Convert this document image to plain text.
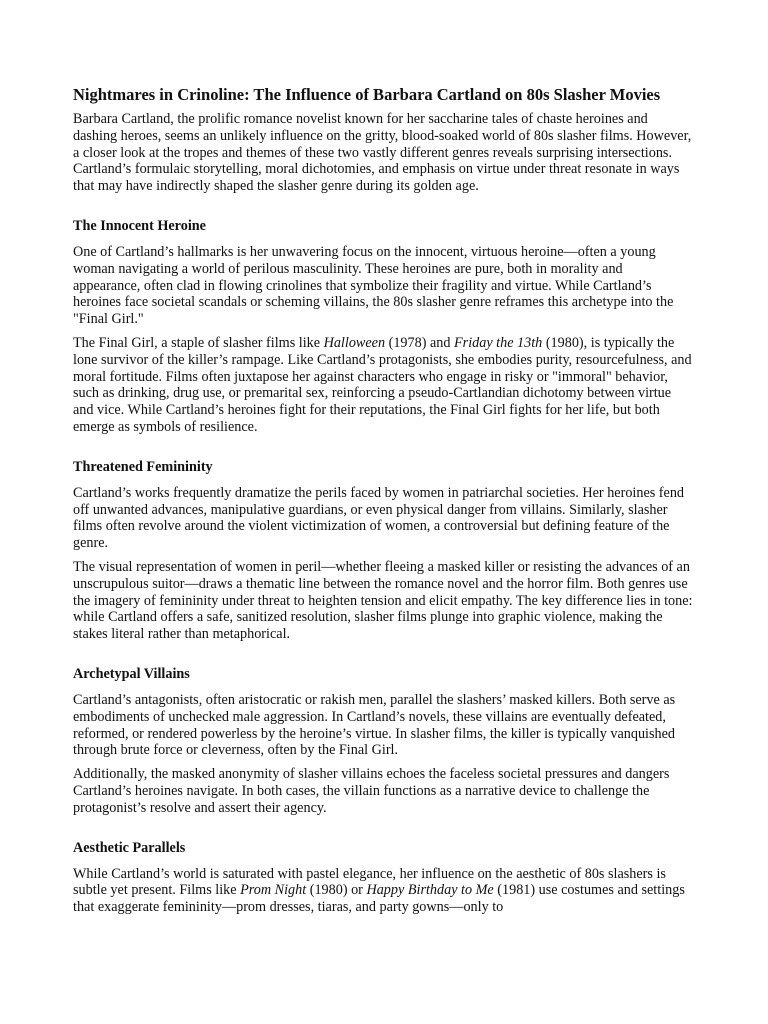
Nightmares in Crinoline: The Influence of Barbara Cartland on 80s Slasher Movies

Barbara Cartland, the prolific romance novelist known for her saccharine tales of chaste heroines and dashing heroes, seems an unlikely influence on the gritty, blood-soaked world of 80s slasher films. However, a closer look at the tropes and themes of these two vastly different genres reveals surprising intersections. Cartland’s formulaic storytelling, moral dichotomies, and emphasis on virtue under threat resonate in ways that may have indirectly shaped the slasher genre during its golden age.

The Innocent Heroine

One of Cartland’s hallmarks is her unwavering focus on the innocent, virtuous heroine—often a young woman navigating a world of perilous masculinity. These heroines are pure, both in morality and appearance, often clad in flowing crinolines that symbolize their fragility and virtue. While Cartland’s heroines face societal scandals or scheming villains, the 80s slasher genre reframes this archetype into the "Final Girl."

The Final Girl, a staple of slasher films like Halloween (1978) and Friday the 13th (1980), is typically the lone survivor of the killer’s rampage. Like Cartland’s protagonists, she embodies purity, resourcefulness, and moral fortitude. Films often juxtapose her against characters who engage in risky or "immoral" behavior, such as drinking, drug use, or premarital sex, reinforcing a pseudo-Cartlandian dichotomy between virtue and vice. While Cartland’s heroines fight for their reputations, the Final Girl fights for her life, but both emerge as symbols of resilience.

Threatened Femininity

Cartland’s works frequently dramatize the perils faced by women in patriarchal societies. Her heroines fend off unwanted advances, manipulative guardians, or even physical danger from villains. Similarly, slasher films often revolve around the violent victimization of women, a controversial but defining feature of the genre.

The visual representation of women in peril—whether fleeing a masked killer or resisting the advances of an unscrupulous suitor—draws a thematic line between the romance novel and the horror film. Both genres use the imagery of femininity under threat to heighten tension and elicit empathy. The key difference lies in tone: while Cartland offers a safe, sanitized resolution, slasher films plunge into graphic violence, making the stakes literal rather than metaphorical.

Archetypal Villains

Cartland’s antagonists, often aristocratic or rakish men, parallel the slashers’ masked killers. Both serve as embodiments of unchecked male aggression. In Cartland’s novels, these villains are eventually defeated, reformed, or rendered powerless by the heroine’s virtue. In slasher films, the killer is typically vanquished through brute force or cleverness, often by the Final Girl.

Additionally, the masked anonymity of slasher villains echoes the faceless societal pressures and dangers Cartland’s heroines navigate. In both cases, the villain functions as a narrative device to challenge the protagonist’s resolve and assert their agency.

Aesthetic Parallels

While Cartland’s world is saturated with pastel elegance, her influence on the aesthetic of 80s slashers is subtle yet present. Films like Prom Night (1980) or Happy Birthday to Me (1981) use costumes and settings that exaggerate femininity—prom dresses, tiaras, and party gowns—only to
